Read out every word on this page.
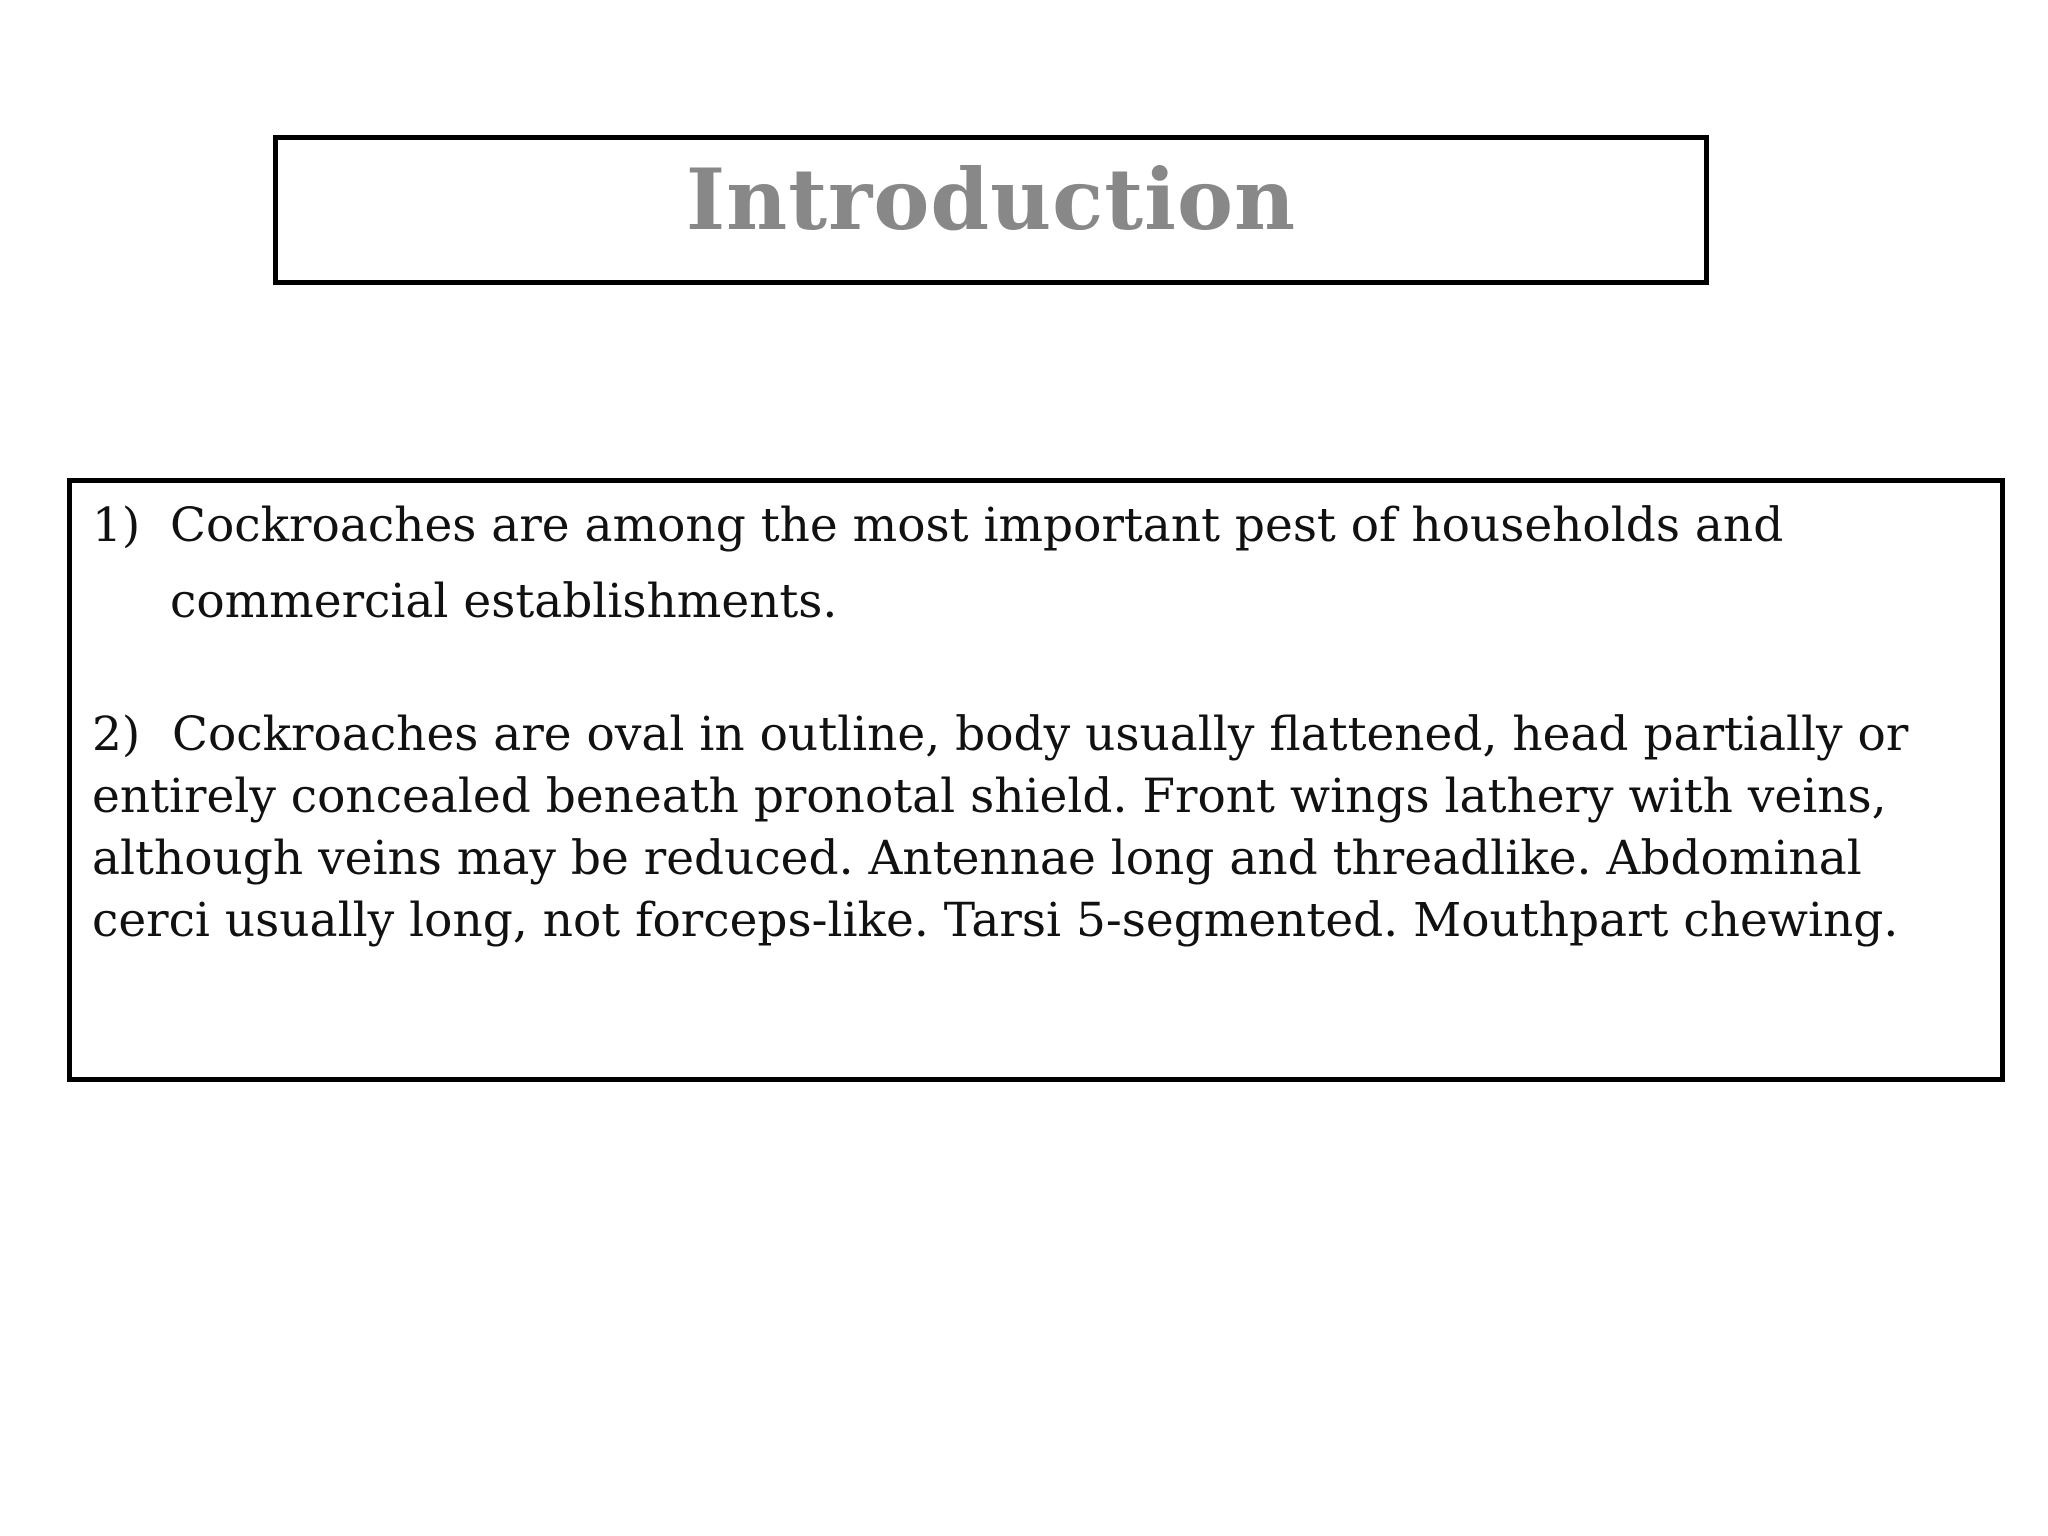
Introduction
1) Cockroaches are among the most important pest of households and commercial establishments.

2) Cockroaches are oval in outline, body usually flattened, head partially or entirely concealed beneath pronotal shield. Front wings lathery with veins, although veins may be reduced. Antennae long and threadlike. Abdominal cerci usually long, not forceps-like. Tarsi 5-segmented. Mouthpart chewing.
